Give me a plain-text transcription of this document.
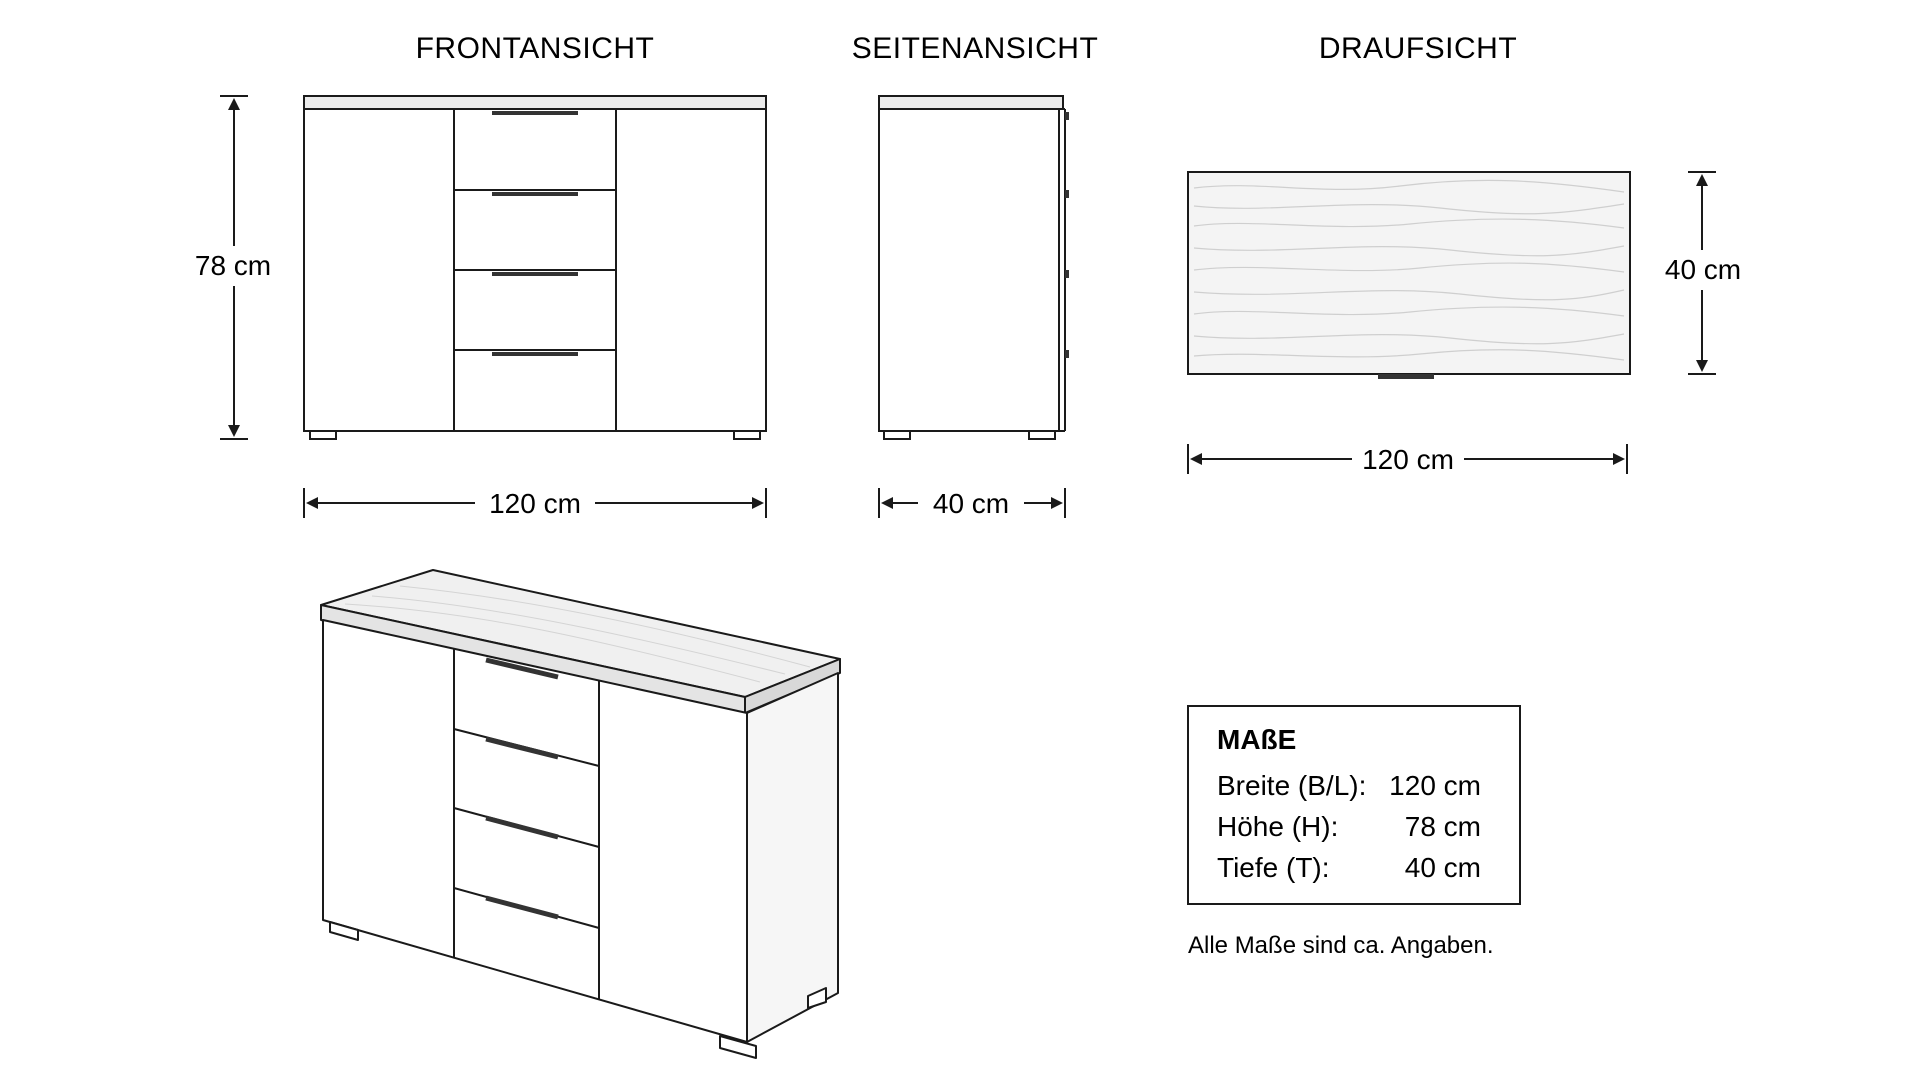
FRONTANSICHT	SEITENANSICHT	DRAUFSICHT
78 cm
120 cm	40 cm
40 cm
120 cm
MAßE
Breite (B/L): 120 cm
Höhe (H): 78 cm
Tiefe (T):	40 cm
Alle Maße sind ca. Angaben.
